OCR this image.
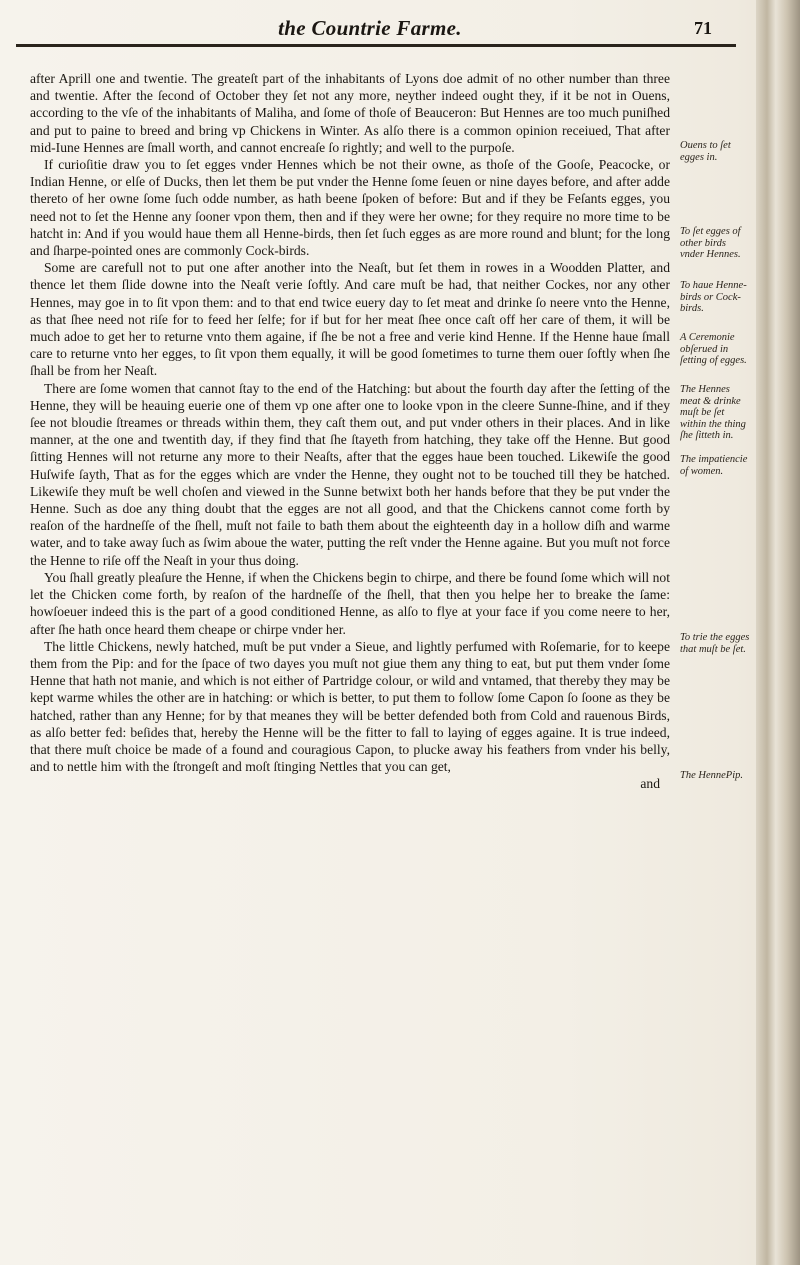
the Countrie Farme.	71

after Aprill one and twentie. The greateſt part of the inhabitants of Lyons doe admit of no other number than three and twentie. After the ſecond of October they ſet not any more, neyther indeed ought they, if it be not in Ouens, according to the vſe of the inhabitants of Maliha, and ſome of thoſe of Beauceron: But Hennes are too much puniſhed and put to paine to breed and bring vp Chickens in Winter. As alſo there is a common opinion receiued, That after mid-Iune Hennes are ſmall worth, and cannot encreaſe ſo rightly; and well to the purpoſe.

If curioſitie draw you to ſet egges vnder Hennes which be not their owne, as thoſe of the Gooſe, Peacocke, or Indian Henne, or elſe of Ducks, then let them be put vnder the Henne ſome ſeuen or nine dayes before, and after adde thereto of her owne ſome ſuch odde number, as hath beene ſpoken of before: But and if they be Feſants egges, you need not to ſet the Henne any ſooner vpon them, then and if they were her owne; for they require no more time to be hatcht in: And if you would haue them all Henne-birds, then ſet ſuch egges as are more round and blunt; for the long and ſharpe-pointed ones are commonly Cock-birds.

Some are carefull not to put one after another into the Neaſt, but ſet them in rowes in a Woodden Platter, and thence let them ſlide downe into the Neaſt verie ſoftly. And care muſt be had, that neither Cockes, nor any other Hennes, may goe in to ſit vpon them: and to that end twice euery day to ſet meat and drinke ſo neere vnto the Henne, as that ſhee need not riſe for to feed her ſelfe; for if but for her meat ſhee once caſt off her care of them, it will be much adoe to get her to returne vnto them againe, if ſhe be not a free and verie kind Henne. If the Henne haue ſmall care to returne vnto her egges, to ſit vpon them equally, it will be good ſometimes to turne them ouer ſoftly when ſhe ſhall be from her Neaſt.

There are ſome women that cannot ſtay to the end of the Hatching: but about the fourth day after the ſetting of the Henne, they will be heauing euerie one of them vp one after one to looke vpon in the cleere Sunne-ſhine, and if they ſee not bloudie ſtreames or threads within them, they caſt them out, and put vnder others in their places. And in like manner, at the one and twentith day, if they find that ſhe ſtayeth from hatching, they take off the Henne. But good ſitting Hennes will not returne any more to their Neaſts, after that the egges haue been touched. Likewiſe the good Huſwife ſayth, That as for the egges which are vnder the Henne, they ought not to be touched till they be hatched. Likewiſe they muſt be well choſen and viewed in the Sunne betwixt both her hands before that they be put vnder the Henne. Such as doe any thing doubt that the egges are not all good, and that the Chickens cannot come forth by reaſon of the hardneſſe of the ſhell, muſt not faile to bath them about the eighteenth day in a hollow diſh and warme water, and to take away ſuch as ſwim aboue the water, putting the reſt vnder the Henne againe. But you muſt not force the Henne to riſe off the Neaſt in your thus doing.

You ſhall greatly pleaſure the Henne, if when the Chickens begin to chirpe, and there be found ſome which will not let the Chicken come forth, by reaſon of the hardneſſe of the ſhell, that then you helpe her to breake the ſame: howſoeuer indeed this is the part of a good conditioned Henne, as alſo to flye at your face if you come neere to her, after ſhe hath once heard them cheape or chirpe vnder her.

The little Chickens, newly hatched, muſt be put vnder a Sieue, and lightly perfumed with Roſemarie, for to keepe them from the Pip: and for the ſpace of two dayes you muſt not giue them any thing to eat, but put them vnder ſome Henne that hath not manie, and which is not either of Partridge colour, or wild and vntamed, that thereby they may be kept warme whiles the other are in hatching: or which is better, to put them to follow ſome Capon ſo ſoone as they be hatched, rather than any Henne; for by that meanes they will be better defended both from Cold and rauenous Birds, as alſo better fed: beſides that, hereby the Henne will be the fitter to fall to laying of egges againe. It is true indeed, that there muſt choice be made of a found and couragious Capon, to plucke away his feathers from vnder his belly, and to nettle him with the ſtrongeſt and moſt ſtinging Nettles that you can get,

and
Ouens to ſet egges in.
To ſet egges of other birds vnder Hennes.
To haue Henne-birds or Cock-birds.
A Ceremonie obſerued in ſetting of egges.
The Hennes meat & drinke muſt be ſet within the thing ſhe ſitteth in.
The impatiencie of women.
To trie the egges that muſt be ſet.
The HennePip.
